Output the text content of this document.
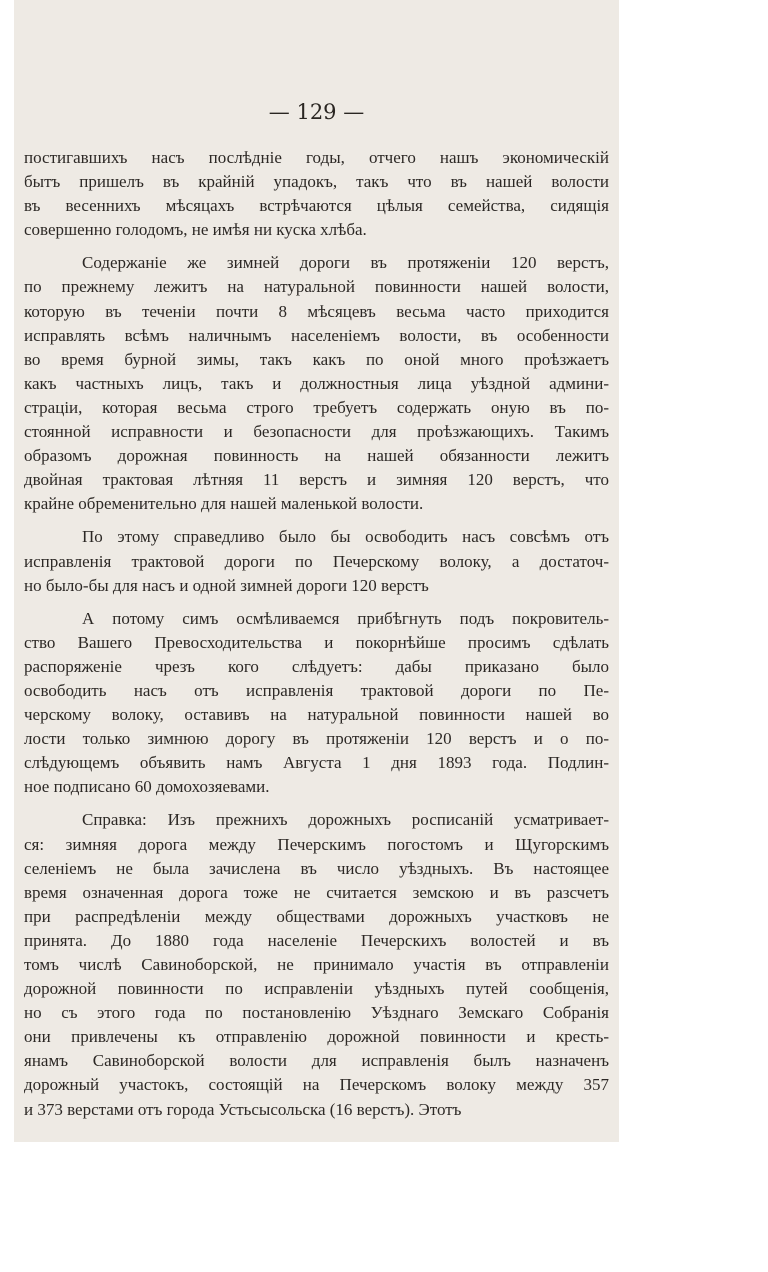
— 129 —

постигавшихъ насъ послѣдніе годы, отчего нашъ экономическій
бытъ пришелъ въ крайній упадокъ, такъ что въ нашей волости
въ весеннихъ мѣсяцахъ встрѣчаются цѣлыя семейства, сидящія
совершенно голодомъ, не имѣя ни куска хлѣба.

Содержаніе же зимней дороги въ протяженіи 120 верстъ,
по прежнему лежитъ на натуральной повинности нашей волости,
которую въ теченіи почти 8 мѣсяцевъ весьма часто приходится
исправлять всѣмъ наличнымъ населеніемъ волости, въ особенности
во время бурной зимы, такъ какъ по оной много проѣзжаетъ
какъ частныхъ лицъ, такъ и должностныя лица уѣздной админи-
страціи, которая весьма строго требуетъ содержать оную въ по-
стоянной исправности и безопасности для проѣзжающихъ. Такимъ
образомъ дорожная повинность на нашей обязанности лежитъ
двойная трактовая лѣтняя 11 верстъ и зимняя 120 верстъ, что
крайне обременительно для нашей маленькой волости.

По этому справедливо было бы освободить насъ совсѣмъ отъ
исправленія трактовой дороги по Печерскому волоку, а достаточ-
но было-бы для насъ и одной зимней дороги 120 верстъ

А потому симъ осмѣливаемся прибѣгнуть подъ покровитель-
ство Вашего Превосходительства и покорнѣйше просимъ сдѣлать
распоряженіе чрезъ кого слѣдуетъ: дабы приказано было
освободить насъ отъ исправленія трактовой дороги по Пе-
черскому волоку, оставивъ на натуральной повинности нашей во
лости только зимнюю дорогу въ протяженіи 120 верстъ и о по-
слѣдующемъ объявить намъ Августа 1 дня 1893 года. Подлин-
ное подписано 60 домохозяевами.

Справка: Изъ прежнихъ дорожныхъ росписаній усматривает-
ся: зимняя дорога между Печерскимъ погостомъ и Щугорскимъ
селеніемъ не была зачислена въ число уѣздныхъ. Въ настоящее
время означенная дорога тоже не считается земскою и въ разсчетъ
при распредѣленіи между обществами дорожныхъ участковъ не
принята. До 1880 года населеніе Печерскихъ волостей и въ
томъ числѣ Савиноборской, не принимало участія въ отправленіи
дорожной повинности по исправленіи уѣздныхъ путей сообщенія,
но съ этого года по постановленію Уѣзднаго Земскаго Собранія
они привлечены къ отправленію дорожной повинности и кресть-
янамъ Савиноборской волости для исправленія былъ назначенъ
дорожный участокъ, состоящій на Печерскомъ волоку между 357
и 373 верстами отъ города Устьсысольска (16 верстъ). Этотъ
